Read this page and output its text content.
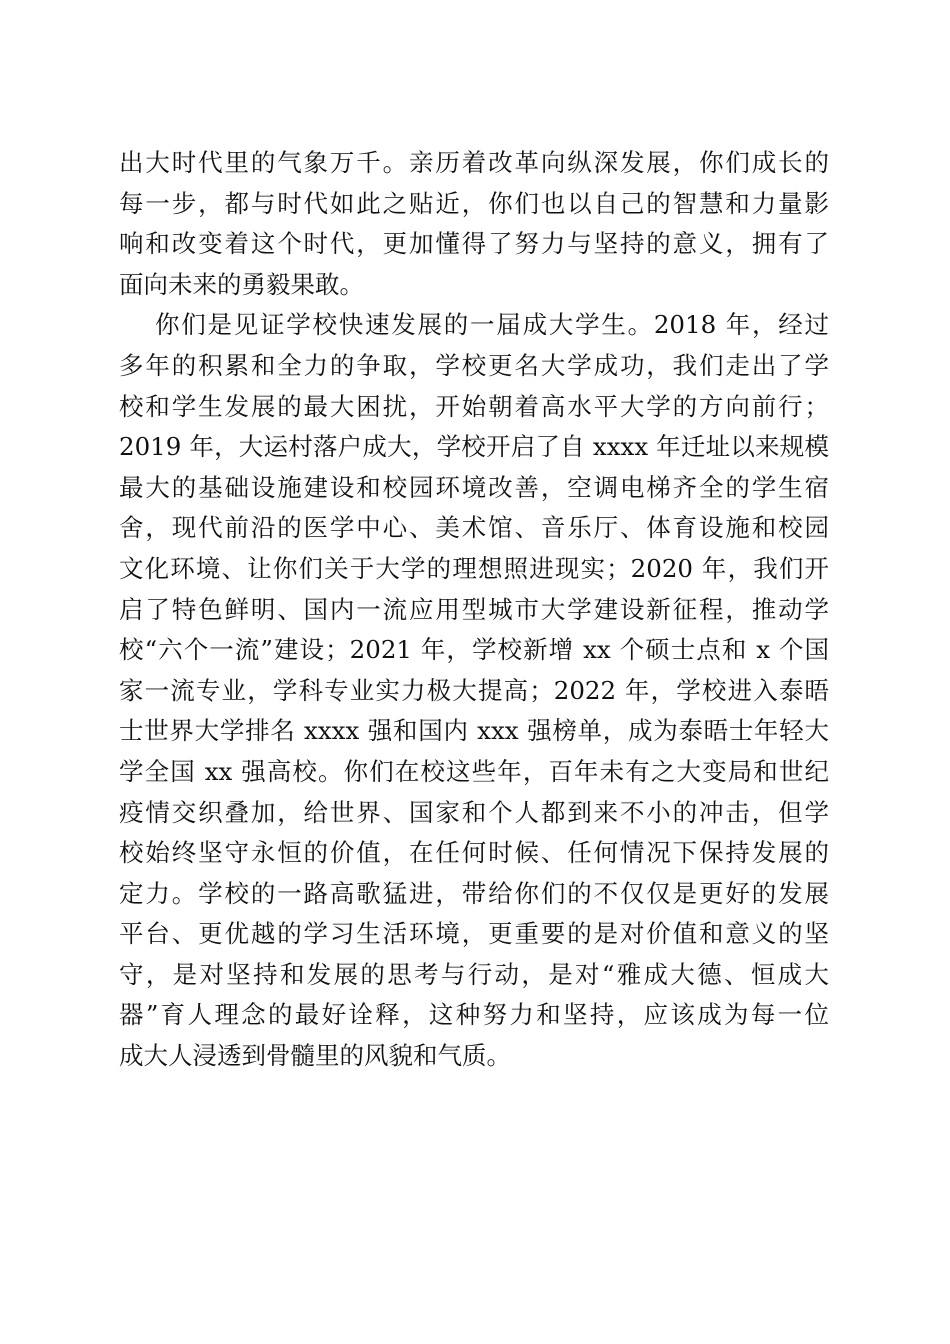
出大时代里的气象万千。亲历着改革向纵深发展，你们成长的
每一步，都与时代如此之贴近，你们也以自己的智慧和力量影
响和改变着这个时代，更加懂得了努力与坚持的意义，拥有了
面向未来的勇毅果敢。
你们是见证学校快速发展的一届成大学生。2018 年，经过
多年的积累和全力的争取，学校更名大学成功，我们走出了学
校和学生发展的最大困扰，开始朝着高水平大学的方向前行；
2019 年，大运村落户成大，学校开启了自 xxxx 年迁址以来规模
最大的基础设施建设和校园环境改善，空调电梯齐全的学生宿
舍，现代前沿的医学中心、美术馆、音乐厅、体育设施和校园
文化环境、让你们关于大学的理想照进现实；2020 年，我们开
启了特色鲜明、国内一流应用型城市大学建设新征程，推动学
校“六个一流”建设；2021 年，学校新增 xx 个硕士点和 x 个国
家一流专业，学科专业实力极大提高；2022 年，学校进入泰晤
士世界大学排名 xxxx 强和国内 xxx 强榜单，成为泰晤士年轻大
学全国 xx 强高校。你们在校这些年，百年未有之大变局和世纪
疫情交织叠加，给世界、国家和个人都到来不小的冲击，但学
校始终坚守永恒的价值，在任何时候、任何情况下保持发展的
定力。学校的一路高歌猛进，带给你们的不仅仅是更好的发展
平台、更优越的学习生活环境，更重要的是对价值和意义的坚
守，是对坚持和发展的思考与行动，是对“雅成大德、恒成大
器”育人理念的最好诠释，这种努力和坚持，应该成为每一位
成大人浸透到骨髓里的风貌和气质。
